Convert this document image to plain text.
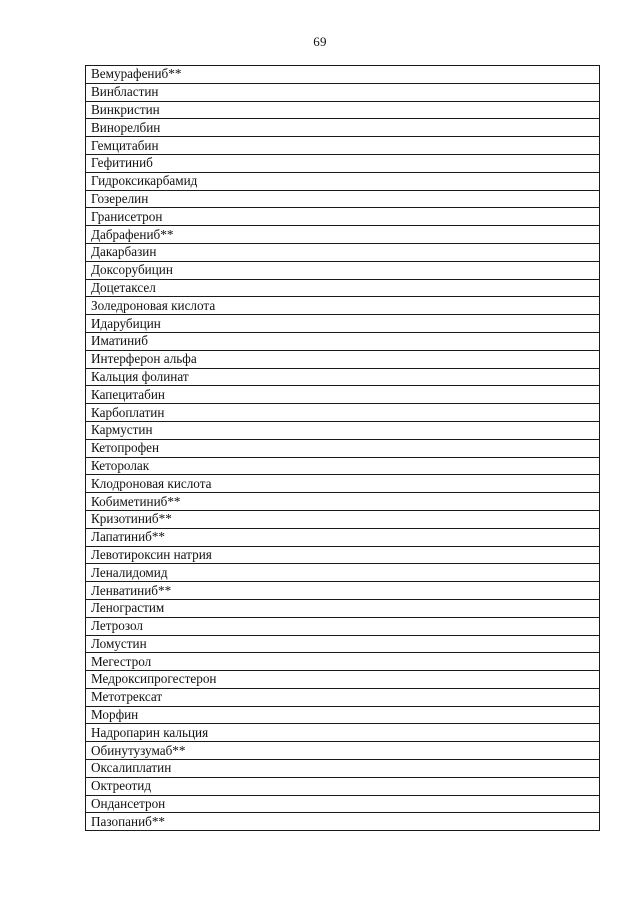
69
Вемурафениб**
Винбластин
Винкристин
Винорелбин
Гемцитабин
Гефитиниб
Гидроксикарбамид
Гозерелин
Гранисетрон
Дабрафениб**
Дакарбазин
Доксорубицин
Доцетаксел
Золедроновая кислота
Идарубицин
Иматиниб
Интерферон альфа
Кальция фолинат
Капецитабин
Карбоплатин
Кармустин
Кетопрофен
Кеторолак
Клодроновая кислота
Кобиметиниб**
Кризотиниб**
Лапатиниб**
Левотироксин натрия
Леналидомид
Ленватиниб**
Ленограстим
Летрозол
Ломустин
Мегестрол
Медроксипрогестерон
Метотрексат
Морфин
Надропарин кальция
Обинутузумаб**
Оксалиплатин
Октреотид
Ондансетрон
Пазопаниб**
